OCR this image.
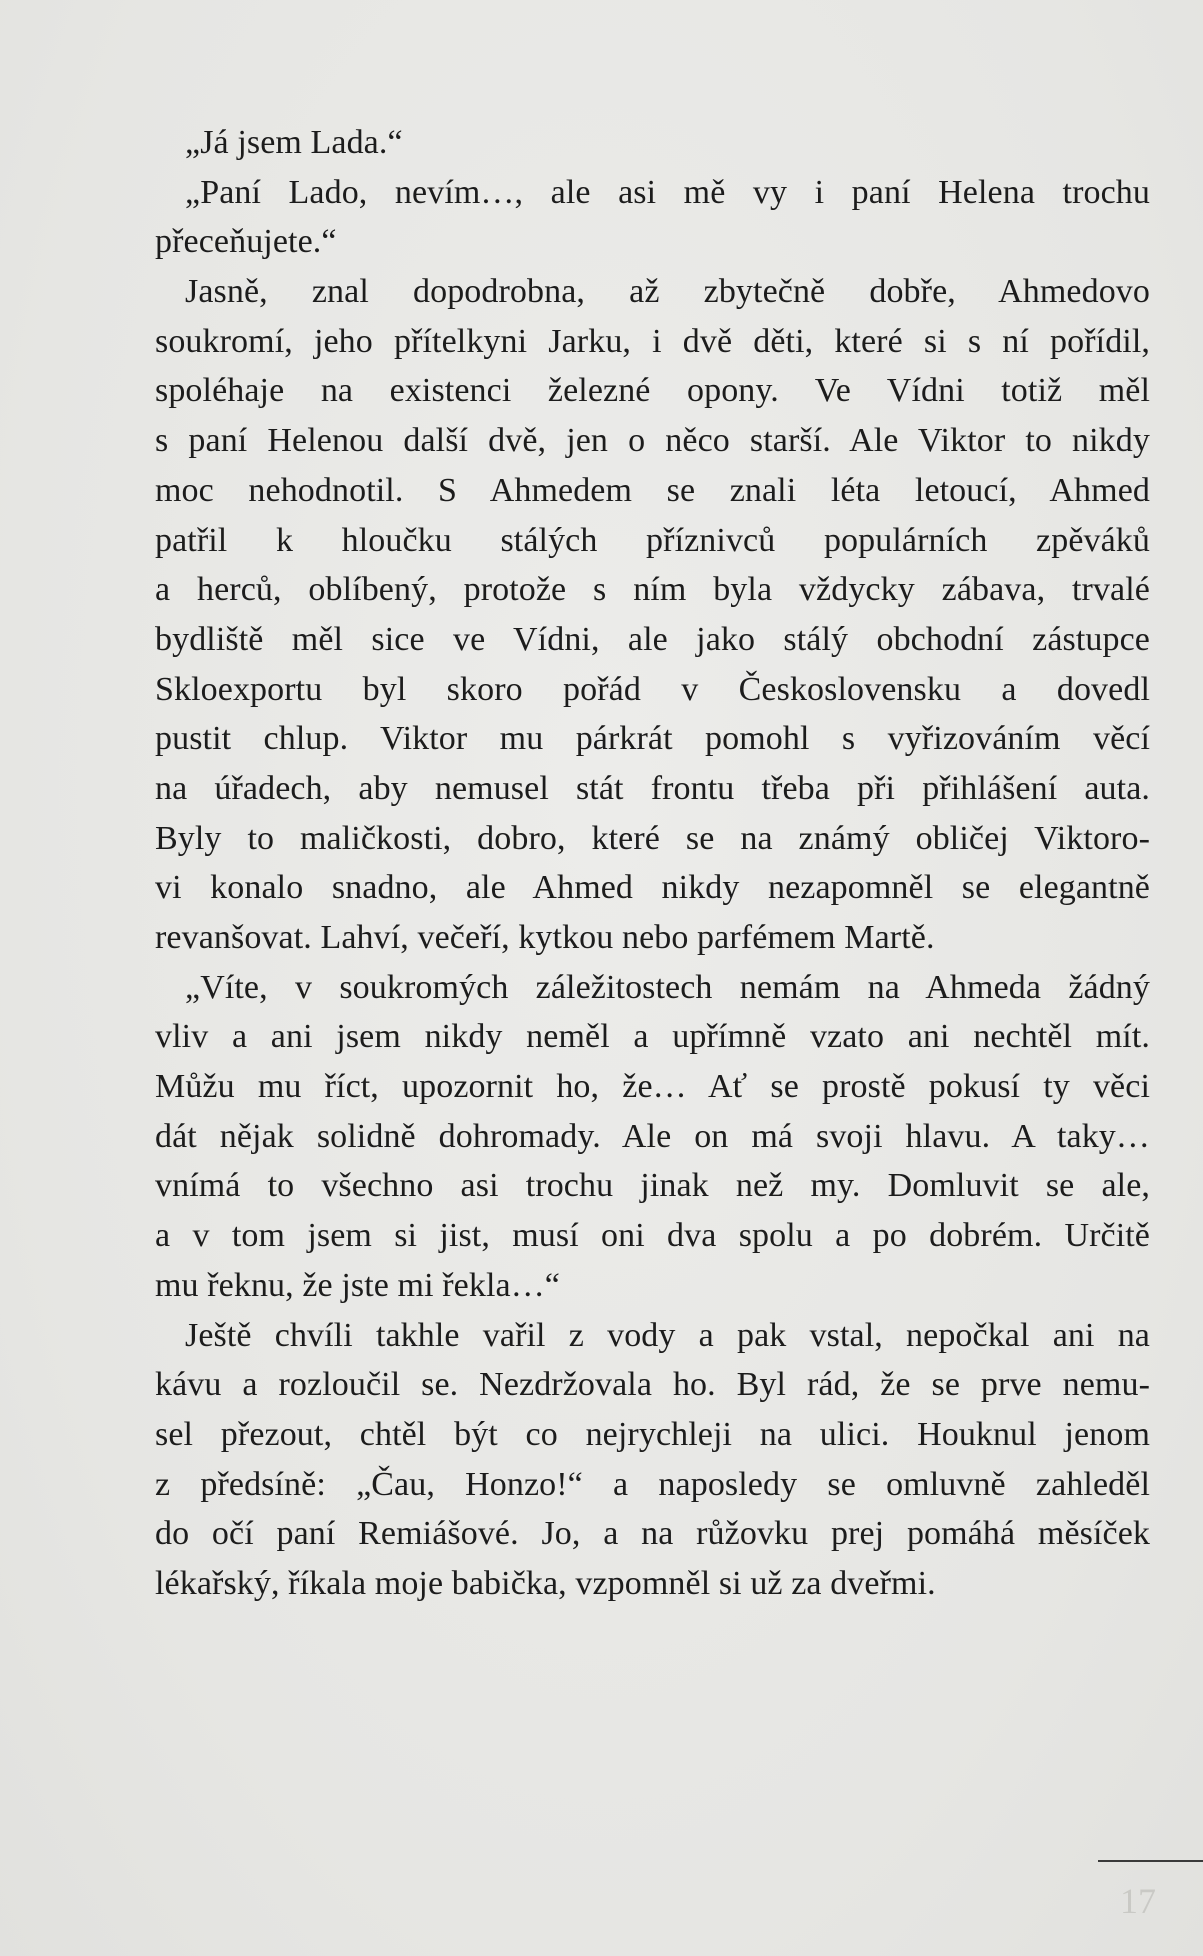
„Já jsem Lada.“
„Paní Lado, nevím…, ale asi mě vy i paní Helena trochu
přeceňujete.“
Jasně, znal dopodrobna, až zbytečně dobře, Ahmedovo
soukromí, jeho přítelkyni Jarku, i dvě děti, které si s ní pořídil,
spoléhaje na existenci železné opony. Ve Vídni totiž měl
s paní Helenou další dvě, jen o něco starší. Ale Viktor to nikdy
moc nehodnotil. S Ahmedem se znali léta letoucí, Ahmed
patřil k hloučku stálých příznivců populárních zpěváků
a herců, oblíbený, protože s ním byla vždycky zábava, trvalé
bydliště měl sice ve Vídni, ale jako stálý obchodní zástupce
Skloexportu byl skoro pořád v Československu a dovedl
pustit chlup. Viktor mu párkrát pomohl s vyřizováním věcí
na úřadech, aby nemusel stát frontu třeba při přihlášení auta.
Byly to maličkosti, dobro, které se na známý obličej Viktoro-
vi konalo snadno, ale Ahmed nikdy nezapomněl se elegantně
revanšovat. Lahví, večeří, kytkou nebo parfémem Martě.
„Víte, v soukromých záležitostech nemám na Ahmeda žádný
vliv a ani jsem nikdy neměl a upřímně vzato ani nechtěl mít.
Můžu mu říct, upozornit ho, že… Ať se prostě pokusí ty věci
dát nějak solidně dohromady. Ale on má svoji hlavu. A taky…
vnímá to všechno asi trochu jinak než my. Domluvit se ale,
a v tom jsem si jist, musí oni dva spolu a po dobrém. Určitě
mu řeknu, že jste mi řekla…“
Ještě chvíli takhle vařil z vody a pak vstal, nepočkal ani na
kávu a rozloučil se. Nezdržovala ho. Byl rád, že se prve nemu-
sel přezout, chtěl být co nejrychleji na ulici. Houknul jenom
z předsíně: „Čau, Honzo!“ a naposledy se omluvně zahleděl
do očí paní Remiášové. Jo, a na růžovku prej pomáhá měsíček
lékařský, říkala moje babička, vzpomněl si už za dveřmi.
17
